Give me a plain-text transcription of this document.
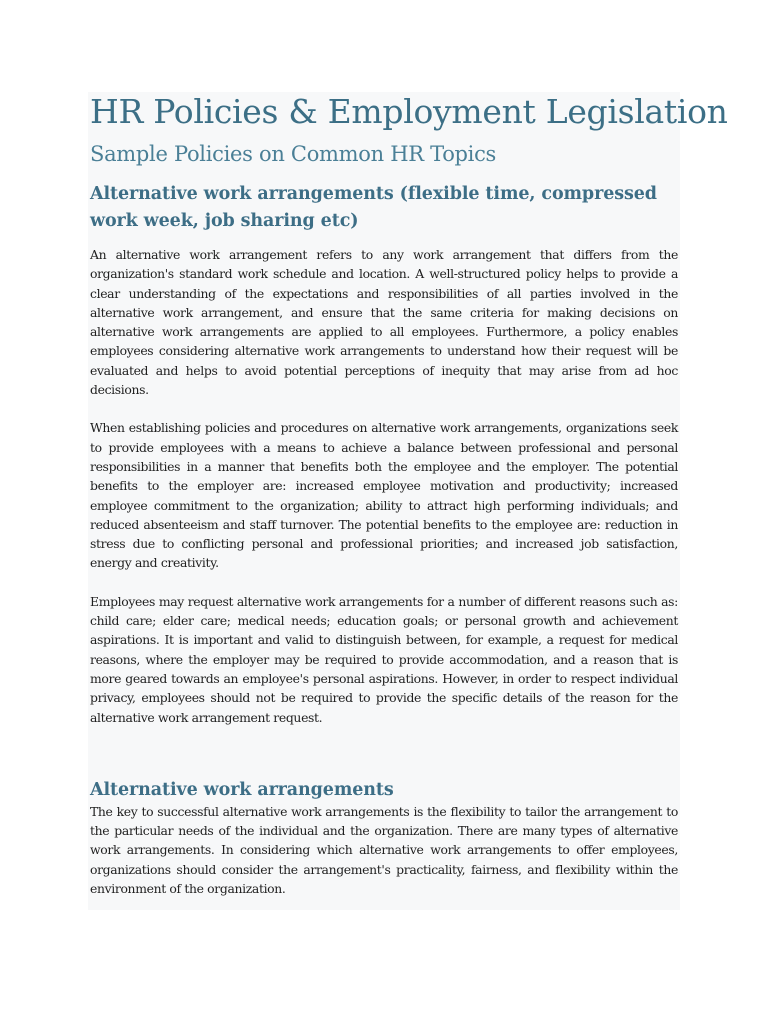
HR Policies & Employment Legislation
Sample Policies on Common HR Topics
Alternative work arrangements (flexible time, compressed work week, job sharing etc)

An alternative work arrangement refers to any work arrangement that differs from the organization's standard work schedule and location. A well-structured policy helps to provide a clear understanding of the expectations and responsibilities of all parties involved in the alternative work arrangement, and ensure that the same criteria for making decisions on alternative work arrangements are applied to all employees. Furthermore, a policy enables employees considering alternative work arrangements to understand how their request will be evaluated and helps to avoid potential perceptions of inequity that may arise from ad hoc decisions.

When establishing policies and procedures on alternative work arrangements, organizations seek to provide employees with a means to achieve a balance between professional and personal responsibilities in a manner that benefits both the employee and the employer. The potential benefits to the employer are: increased employee motivation and productivity; increased employee commitment to the organization; ability to attract high performing individuals; and reduced absenteeism and staff turnover. The potential benefits to the employee are: reduction in stress due to conflicting personal and professional priorities; and increased job satisfaction, energy and creativity.

Employees may request alternative work arrangements for a number of different reasons such as: child care; elder care; medical needs; education goals; or personal growth and achievement aspirations. It is important and valid to distinguish between, for example, a request for medical reasons, where the employer may be required to provide accommodation, and a reason that is more geared towards an employee's personal aspirations. However, in order to respect individual privacy, employees should not be required to provide the specific details of the reason for the alternative work arrangement request.

Alternative work arrangements

The key to successful alternative work arrangements is the flexibility to tailor the arrangement to the particular needs of the individual and the organization. There are many types of alternative work arrangements. In considering which alternative work arrangements to offer employees, organizations should consider the arrangement's practicality, fairness, and flexibility within the environment of the organization.
